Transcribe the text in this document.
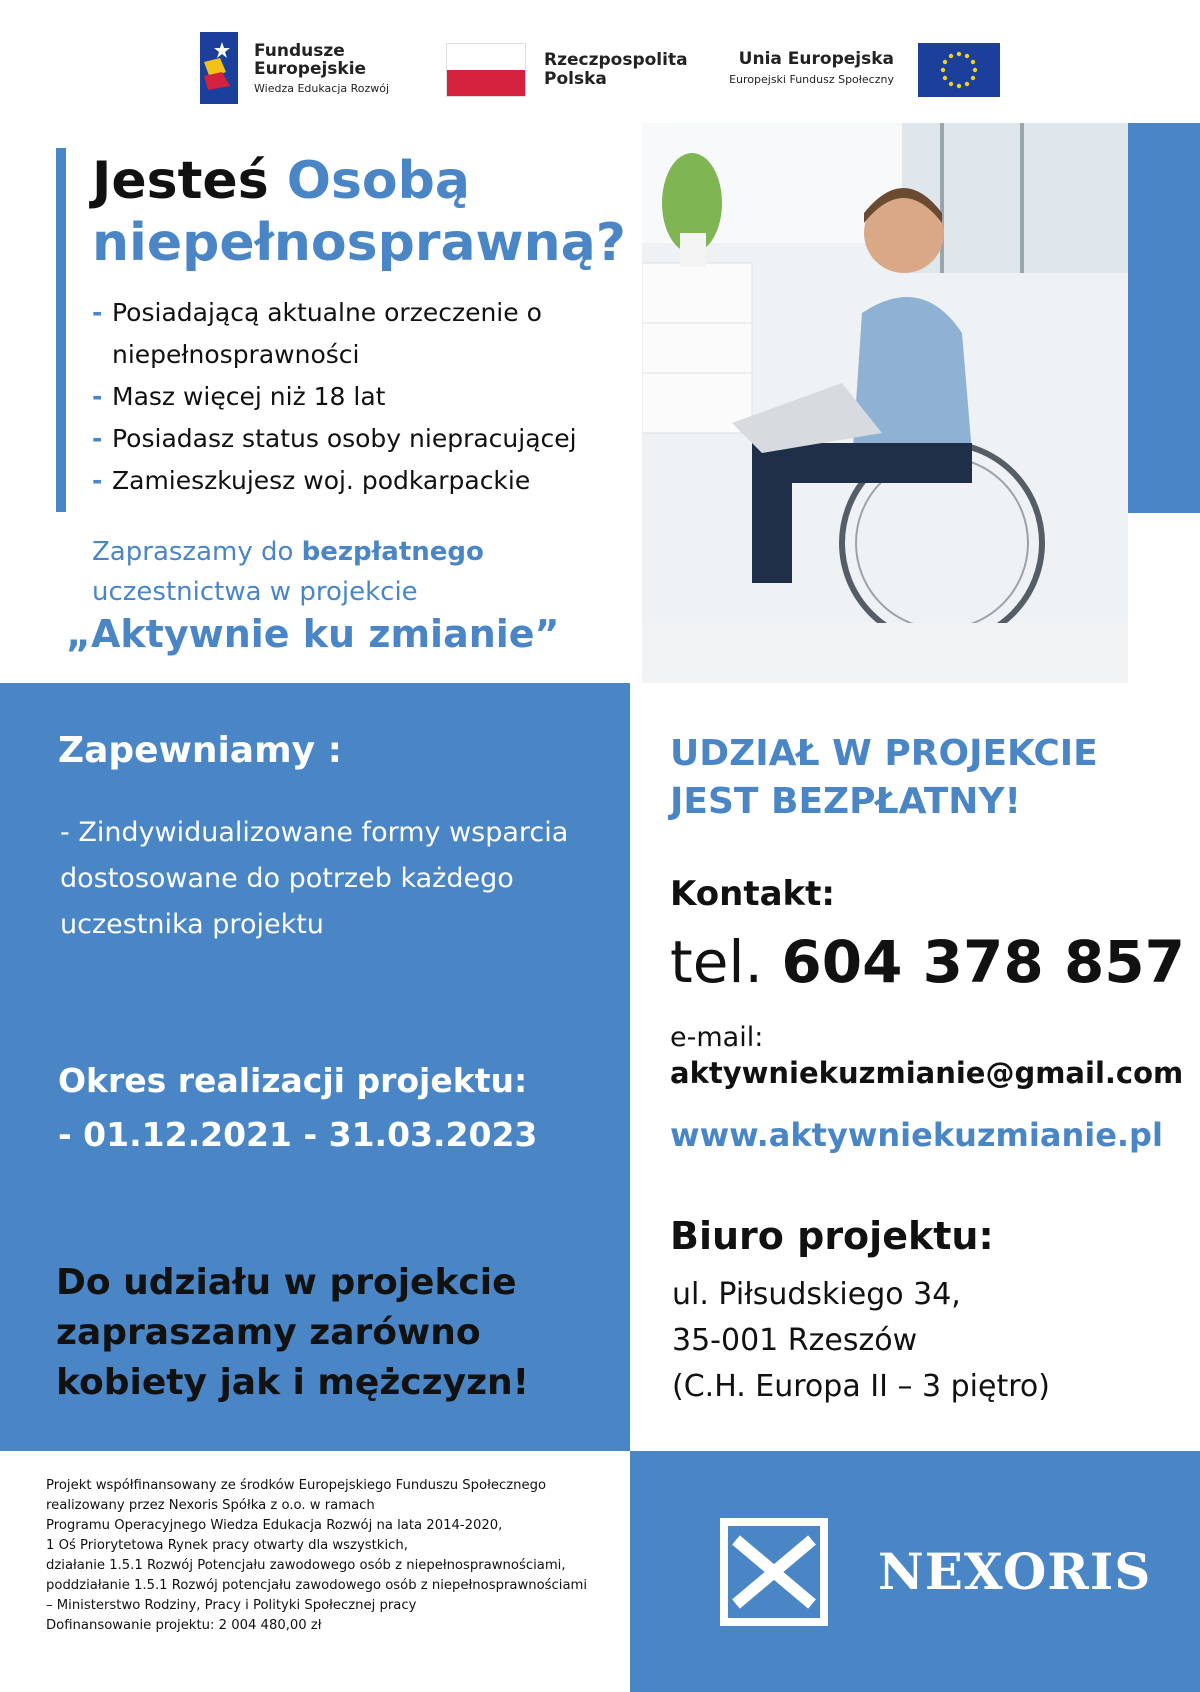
Fundusze
Europejskie
Wiedza Edukacja Rozwój
Rzeczpospolita
Polska
Unia Europejska
Europejski Fundusz Społeczny
Jesteś Osobą
niepełnosprawną?
- Posiadającą aktualne orzeczenie o niepełnosprawności
- Masz więcej niż 18 lat
- Posiadasz status osoby niepracującej
- Zamieszkujesz woj. podkarpackie
Zapraszamy do bezpłatnego
uczestnictwa w projekcie
„Aktywnie ku zmianie”
Zapewniamy :
- Zindywidualizowane formy wsparcia dostosowane do potrzeb każdego uczestnika projektu
Okres realizacji projektu:
- 01.12.2021 - 31.03.2023
Do udziału w projekcie zapraszamy zarówno kobiety jak i mężczyzn!
UDZIAŁ W PROJEKCIE
JEST BEZPŁATNY!
Kontakt:
tel. 604 378 857
e-mail:
aktywniekuzmianie@gmail.com
www.aktywniekuzmianie.pl
Biuro projektu:
ul. Piłsudskiego 34,
35-001 Rzeszów
(C.H. Europa II – 3 piętro)
Projekt współfinansowany ze środków Europejskiego Funduszu Społecznego
realizowany przez Nexoris Spółka z o.o. w ramach
Programu Operacyjnego Wiedza Edukacja Rozwój na lata 2014-2020,
1 Oś Priorytetowa Rynek pracy otwarty dla wszystkich,
działanie 1.5.1 Rozwój Potencjału zawodowego osób z niepełnosprawnościami,
poddziałanie 1.5.1 Rozwój potencjału zawodowego osób z niepełnosprawnościami
– Ministerstwo Rodziny, Pracy i Polityki Społecznej pracy
Dofinansowanie projektu: 2 004 480,00 zł
NEXORIS
